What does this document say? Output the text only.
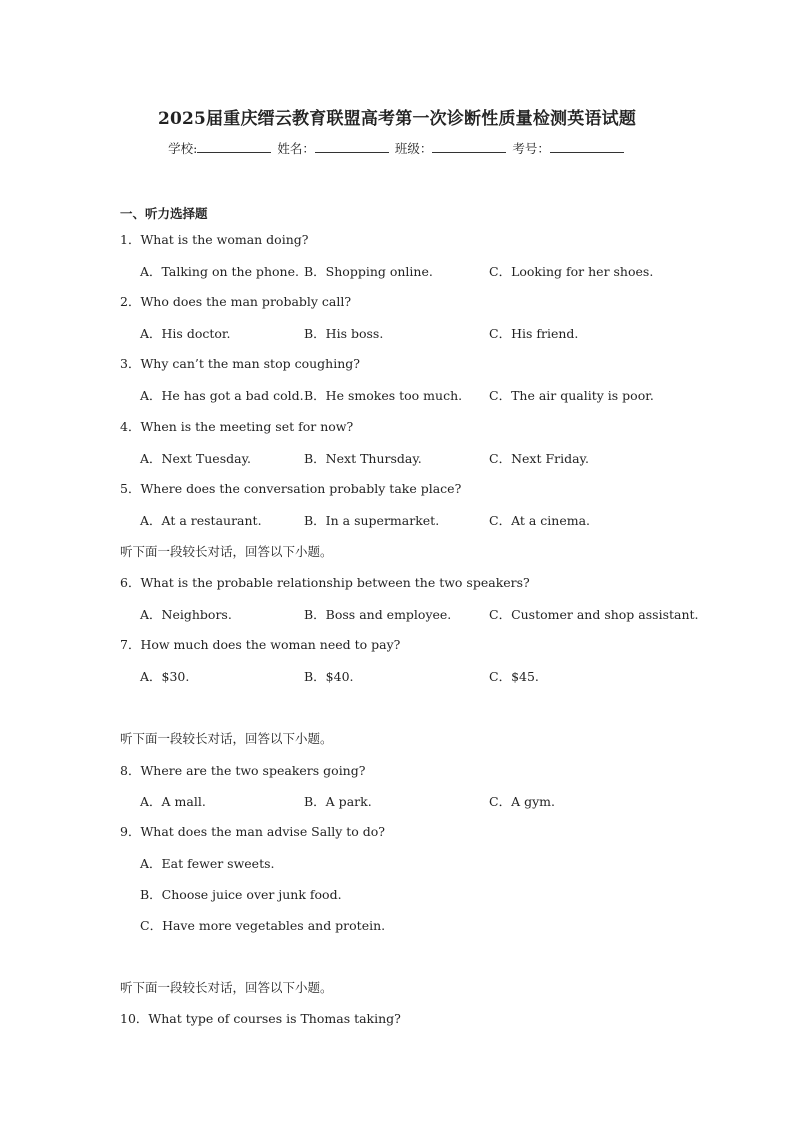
2025届重庆缙云教育联盟高考第一次诊断性质量检测英语试题
学校:	姓名：	班级：	考号：
一、听力选择题
1．What is the woman doing?
A．Talking on the phone. B．Shopping online.	C．Looking for her shoes.
2．Who does the man probably call?
A．His doctor.	B．His boss.	C．His friend.
3．Why can’t the man stop coughing?
A．He has got a bad cold. B．He smokes too much. C．The air quality is poor.
4．When is the meeting set for now?
A．Next Tuesday.	B．Next Thursday.	C．Next Friday.
5．Where does the conversation probably take place?
A．At a restaurant.	B．In a supermarket.	C．At a cinema.
听下面一段较长对话，回答以下小题。
6．What is the probable relationship between the two speakers?
A．Neighbors.	B．Boss and employee.	C．Customer and shop assistant.
7．How much does the woman need to pay?
A．$30.	B．$40.	C．$45.
听下面一段较长对话，回答以下小题。
8．Where are the two speakers going?
A．A mall.	B．A park.	C．A gym.
9．What does the man advise Sally to do?
A．Eat fewer sweets.
B．Choose juice over junk food.
C．Have more vegetables and protein.
听下面一段较长对话，回答以下小题。
10．What type of courses is Thomas taking?
